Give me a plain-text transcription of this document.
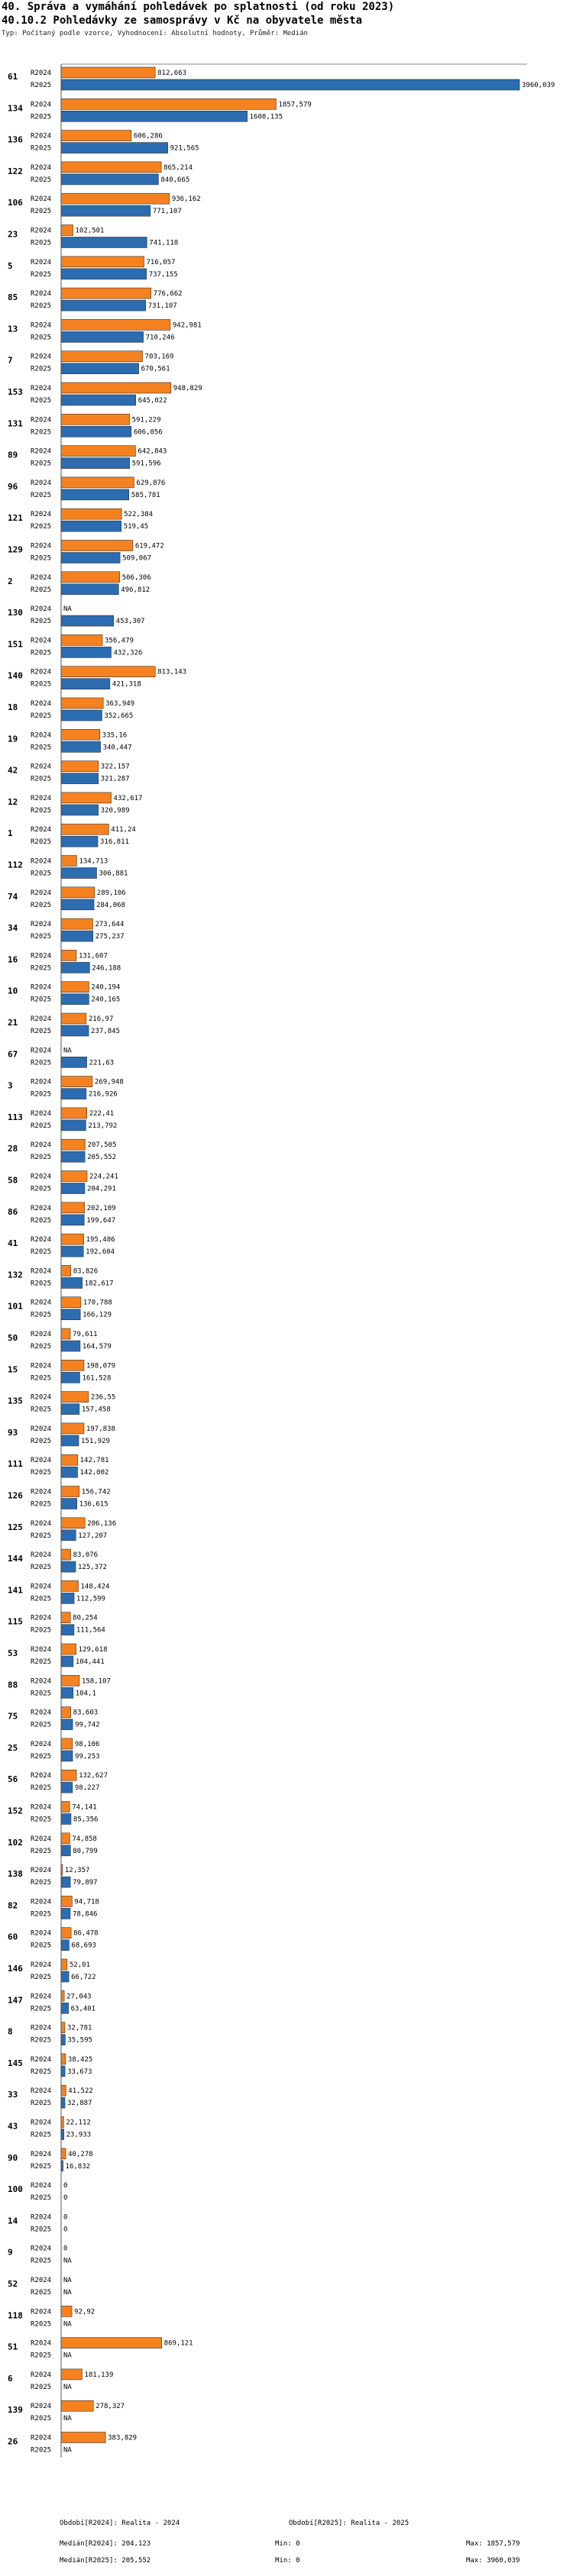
40. Správa a vymáhání pohledávek po splatnosti (od roku 2023)
40.10.2 Pohledávky ze samosprávy v Kč na obyvatele města
Typ: Počítaný podle vzorce, Vyhodnocení: Absolutní hodnoty, Průměr: Medián
61 R2024	812,663
R2025	3960,039
134 R2024	1857,579
R2025	1608,135
136 R2024	606,286
R2025	921,565
122 R2024	865,214
R2025	840,665
106 R2024	936,162
R2025	771,107
23 R2024	102,501
R2025	741,118
5	R2024	716,057
R2025	737,155
85 R2024	776,662
R2025	731,107
13 R2024	942,981
R2025	710,246
7	R2024	703,169
R2025	670,561
153 R2024	948,829
R2025	645,022
131 R2024	591,229
R2025	606,056
89 R2024	642,843
R2025	591,596
96 R2024	629,876
R2025	585,781
121 R2024	522,384
R2025	519,45
129 R2024	619,472
R2025	509,067
2	R2024	506,306
R2025	496,812
130 R2024 NA
R2025	453,307
151 R2024	356,479
R2025	432,326
140 R2024	813,143
R2025	421,318
18 R2024	363,949
R2025	352,665
19 R2024	335,16
R2025	340,447
42 R2024	322,157
R2025	321,287
12 R2024	432,617
R2025	320,989
1	R2024	411,24
R2025	316,811
112 R2024	134,713
R2025	306,881
74 R2024	289,106
R2025	284,068
34 R2024	273,644
R2025	275,237
16 R2024	131,607
R2025	246,188
10 R2024	240,194
R2025	240,165
21 R2024	216,97
R2025	237,845
67 R2024 NA
R2025	221,63
3	R2024	269,948
R2025	216,926
113 R2024	222,41
R2025	213,792
28 R2024	207,505
R2025	205,552
58 R2024	224,241
R2025	204,291
86 R2024	202,109
R2025	199,647
41 R2024	195,486
R2025	192,604
132 R2024	83,826
R2025	182,617
101 R2024	170,788
R2025	166,129
50 R2024	79,611
R2025	164,579
15 R2024	198,079
R2025	161,528
135 R2024	236,55
R2025	157,458
93 R2024	197,838
R2025	151,929
111 R2024	142,781
R2025	142,002
126 R2024	156,742
R2025	136,615
125 R2024	206,136
R2025	127,207
144 R2024	83,076
R2025	125,372
141 R2024	148,424
R2025	112,599
115 R2024	80,254
R2025	111,564
53 R2024	129,618
R2025	104,441
88 R2024	158,107
R2025	104,1
75 R2024	83,603
R2025	99,742
25 R2024	98,106
R2025	99,253
56 R2024	132,627
R2025	98,227
152 R2024	74,141
R2025	85,356
102 R2024	74,858
R2025	80,799
138 R2024 12,357
R2025	79,897
82 R2024	94,718
R2025	78,846
60 R2024	86,478
R2025	68,693
146 R2024	52,01
R2025	66,722
147 R2024 27,043
R2025	63,401
8	R2024 32,781
R2025 35,595
145 R2024 38,425
R2025 33,673
33 R2024 41,522
R2025 32,887
43 R2024 22,112
R2025 23,933
90 R2024 40,278
R2025 16,832
100 R2024 0
R2025 0
14 R2024 0
R2025 0
9	R2024 0
R2025 NA
52 R2024 NA
R2025 NA
118 R2024	92,92
R2025 NA
51 R2024	869,121
R2025 NA
6	R2024	181,139
R2025 NA
139 R2024	278,327
R2025 NA
26 R2024	383,829
R2025 NA
Období[R2024]: Realita - 2024	Období[R2025]: Realita - 2025
Medián[R2024]: 204,123	Min: 0	Max: 1857,579
Medián[R2025]: 205,552	Min: 0	Max: 3960,039
